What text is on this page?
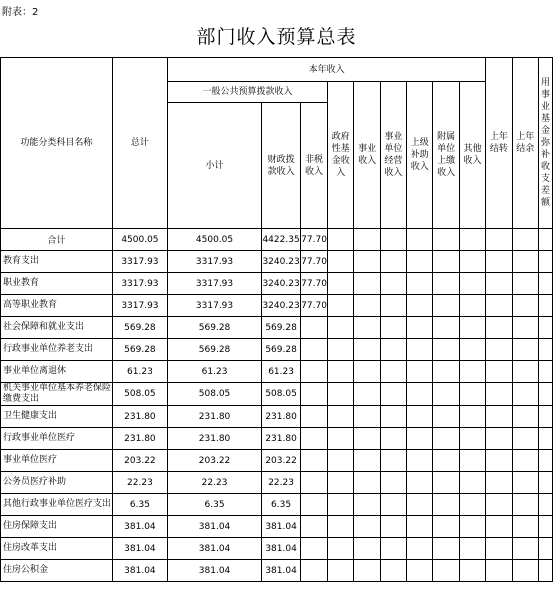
附表：2
部门收入预算总表
功能分类科目名称	总计	本年收入									上年结转	上年结余	用事业基金弥补收支差额
		一般公共预算拨款收入			政府性基金收入	事业收入	事业单位经营收入	上级补助收入	附属单位上缴收入	其他收入			
		小计	财政拨款收入	非税收入									
合计	4500.05	4500.05	4422.35	77.70									
教育支出	3317.93	3317.93	3240.23	77.70									
职业教育	3317.93	3317.93	3240.23	77.70									
高等职业教育	3317.93	3317.93	3240.23	77.70									
社会保障和就业支出	569.28	569.28	569.28										
行政事业单位养老支出	569.28	569.28	569.28										
事业单位离退休	61.23	61.23	61.23										
机关事业单位基本养老保险缴费支出	508.05	508.05	508.05										
卫生健康支出	231.80	231.80	231.80										
行政事业单位医疗	231.80	231.80	231.80										
事业单位医疗	203.22	203.22	203.22										
公务员医疗补助	22.23	22.23	22.23										
其他行政事业单位医疗支出	6.35	6.35	6.35										
住房保障支出	381.04	381.04	381.04										
住房改革支出	381.04	381.04	381.04										
住房公积金	381.04	381.04	381.04										
